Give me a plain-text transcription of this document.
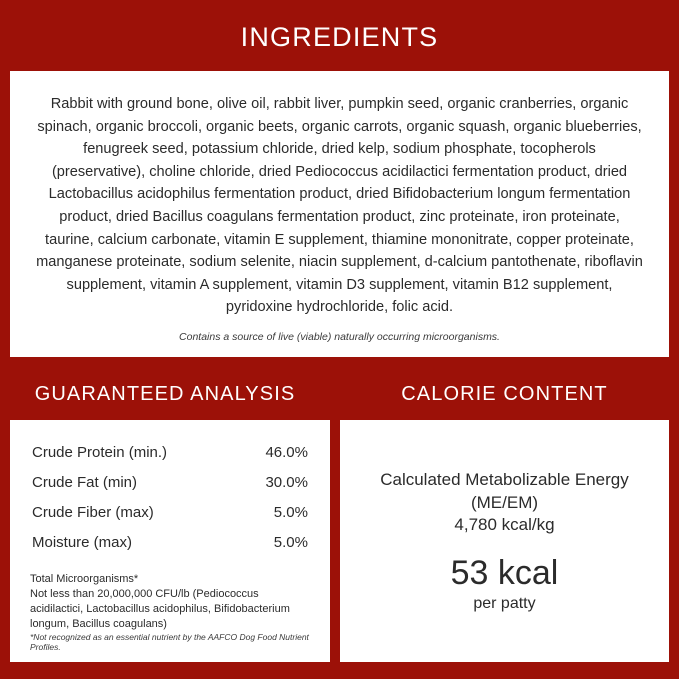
INGREDIENTS
Rabbit with ground bone, olive oil, rabbit liver, pumpkin seed, organic cranberries, organic spinach, organic broccoli, organic beets, organic carrots, organic squash, organic blueberries, fenugreek seed, potassium chloride, dried kelp, sodium phosphate, tocopherols (preservative), choline chloride, dried Pediococcus acidilactici fermentation product, dried Lactobacillus acidophilus fermentation product, dried Bifidobacterium longum fermentation product, dried Bacillus coagulans fermentation product, zinc proteinate, iron proteinate, taurine, calcium carbonate, vitamin E supplement, thiamine mononitrate, copper proteinate, manganese proteinate, sodium selenite, niacin supplement, d-calcium pantothenate, riboflavin supplement, vitamin A supplement, vitamin D3 supplement, vitamin B12 supplement, pyridoxine hydrochloride, folic acid.
Contains a source of live (viable) naturally occurring microorganisms.
GUARANTEED ANALYSIS	CALORIE CONTENT
Crude Protein (min.)	46.0%
Crude Fat (min)	30.0%
Crude Fiber (max)	5.0%
Moisture (max)	5.0%
Total Microorganisms*
Not less than 20,000,000 CFU/lb (Pediococcus acidilactici, Lactobacillus acidophilus, Bifidobacterium longum, Bacillus coagulans)
*Not recognized as an essential nutrient by the AAFCO Dog Food Nutrient Profiles.
Calculated Metabolizable Energy (ME/EM)
4,780 kcal/kg
53 kcal
per patty
